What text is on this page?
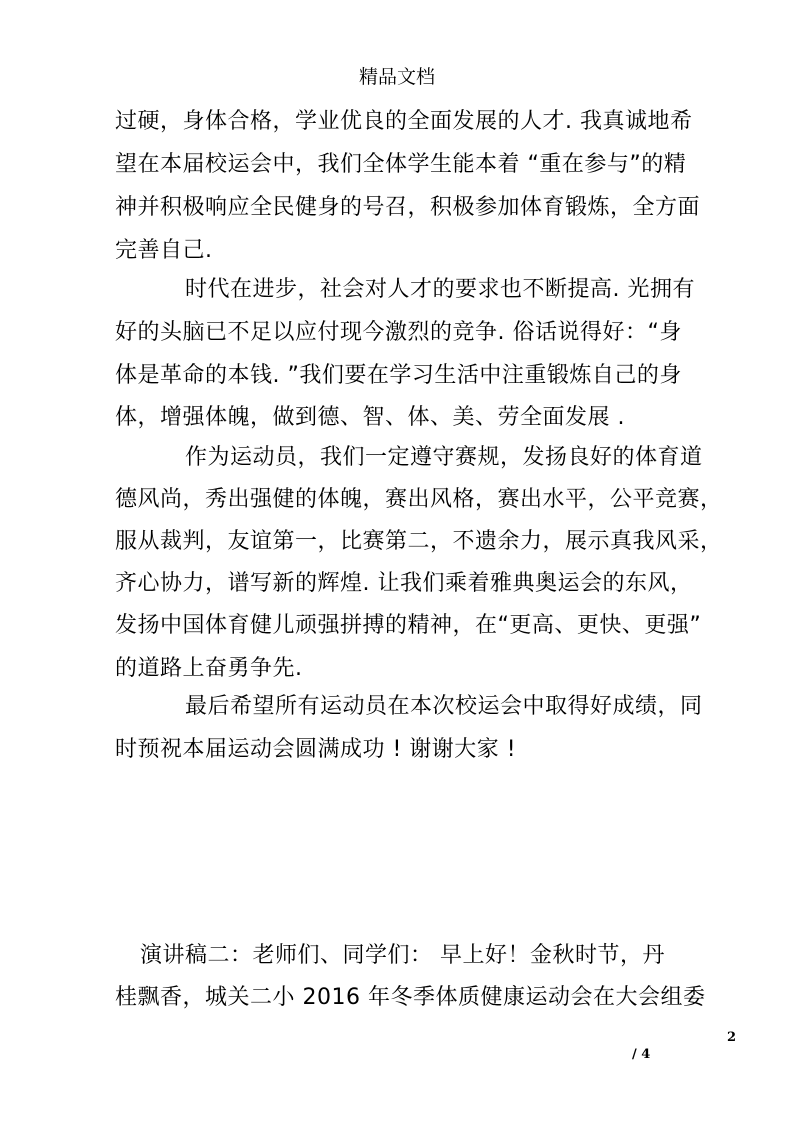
精品文档
过硬，身体合格，学业优良的全面发展的人才. 我真诚地希
望在本届校运会中，我们全体学生能本着 “重在参与”的精
神并积极响应全民健身的号召，积极参加体育锻炼，全方面
完善自己.
时代在进步，社会对人才的要求也不断提高. 光拥有
好的头脑已不足以应付现今激烈的竞争. 俗话说得好：“身
体是革命的本钱. ”我们要在学习生活中注重锻炼自己的身
体，增强体魄，做到德、智、体、美、劳全面发展 .
作为运动员，我们一定遵守赛规，发扬良好的体育道
德风尚，秀出强健的体魄，赛出风格，赛出水平，公平竞赛，
服从裁判，友谊第一，比赛第二，不遗余力，展示真我风采，
齐心协力，谱写新的辉煌. 让我们乘着雅典奥运会的东风，
发扬中国体育健儿顽强拼搏的精神，在“更高、更快、更强”
的道路上奋勇争先.
最后希望所有运动员在本次校运会中取得好成绩，同
时预祝本届运动会圆满成功 ! 谢谢大家 !
演讲稿二：老师们、同学们： 早上好！金秋时节，丹
桂飘香，城关二小 2016 年冬季体质健康运动会在大会组委
2
/ 4
